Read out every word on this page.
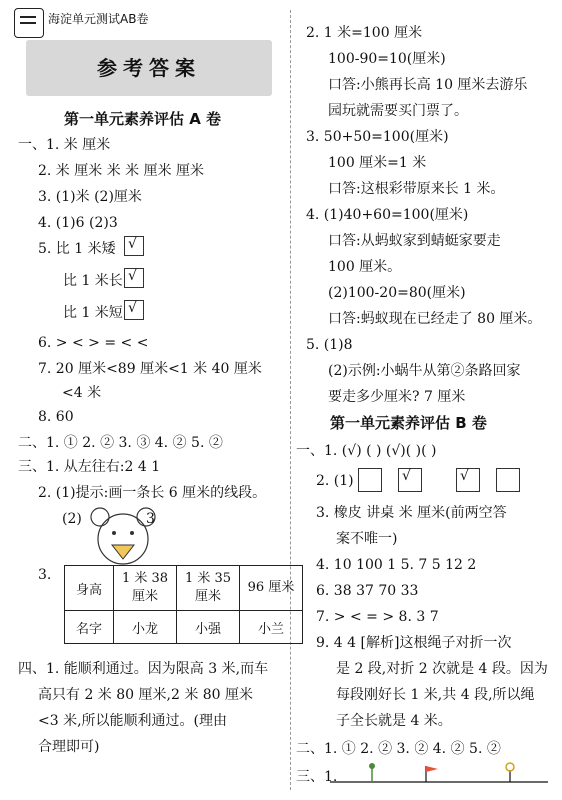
海淀单元测试AB卷
参考答案
第一单元素养评估 A 卷
一、1. 米 厘米
2. 米 厘米 米 米 厘米 厘米
3. (1)米 (2)厘米
4. (1)6 (2)3
5. 比 1 米矮
√
比 1 米长
√
比 1 米短
√
6. > < > = < <
7. 20 厘米<89 厘米<1 米 40 厘米
<4 米
8. 60
二、1. ① 2. ② 3. ③ 4. ② 5. ②
三、1. 从左往右:2 4 1
2. (1)提示:画一条长 6 厘米的线段。
(2)	3
3.
身高	1 米 38 厘米	1 米 35 厘米	96 厘米
名字	小龙	小强	小兰
四、1. 能顺利通过。因为限高 3 米,而车
高只有 2 米 80 厘米,2 米 80 厘米
<3 米,所以能顺利通过。(理由
合理即可)
2. 1 米=100 厘米
100-90=10(厘米)
口答:小熊再长高 10 厘米去游乐
园玩就需要买门票了。
3. 50+50=100(厘米)
100 厘米=1 米
口答:这根彩带原来长 1 米。
4. (1)40+60=100(厘米)
口答:从蚂蚁家到蜻蜓家要走
100 厘米。
(2)100-20=80(厘米)
口答:蚂蚁现在已经走了 80 厘米。
5. (1)8
(2)示例:小蜗牛从第②条路回家
要走多少厘米? 7 厘米
第一单元素养评估 B 卷
一、1. (√) ( ) (√)( )( )
2. (1)
√
√
3. 橡皮 讲桌 米 厘米(前两空答
案不唯一)
4. 10 100 1 5. 7 5 12 2
6. 38 37 70 33
7. > < = > 8. 3 7
9. 4 4 [解析]这根绳子对折一次
是 2 段,对折 2 次就是 4 段。因为
每段刚好长 1 米,共 4 段,所以绳
子全长就是 4 米。
二、1. ① 2. ② 3. ② 4. ② 5. ②
三、1.
